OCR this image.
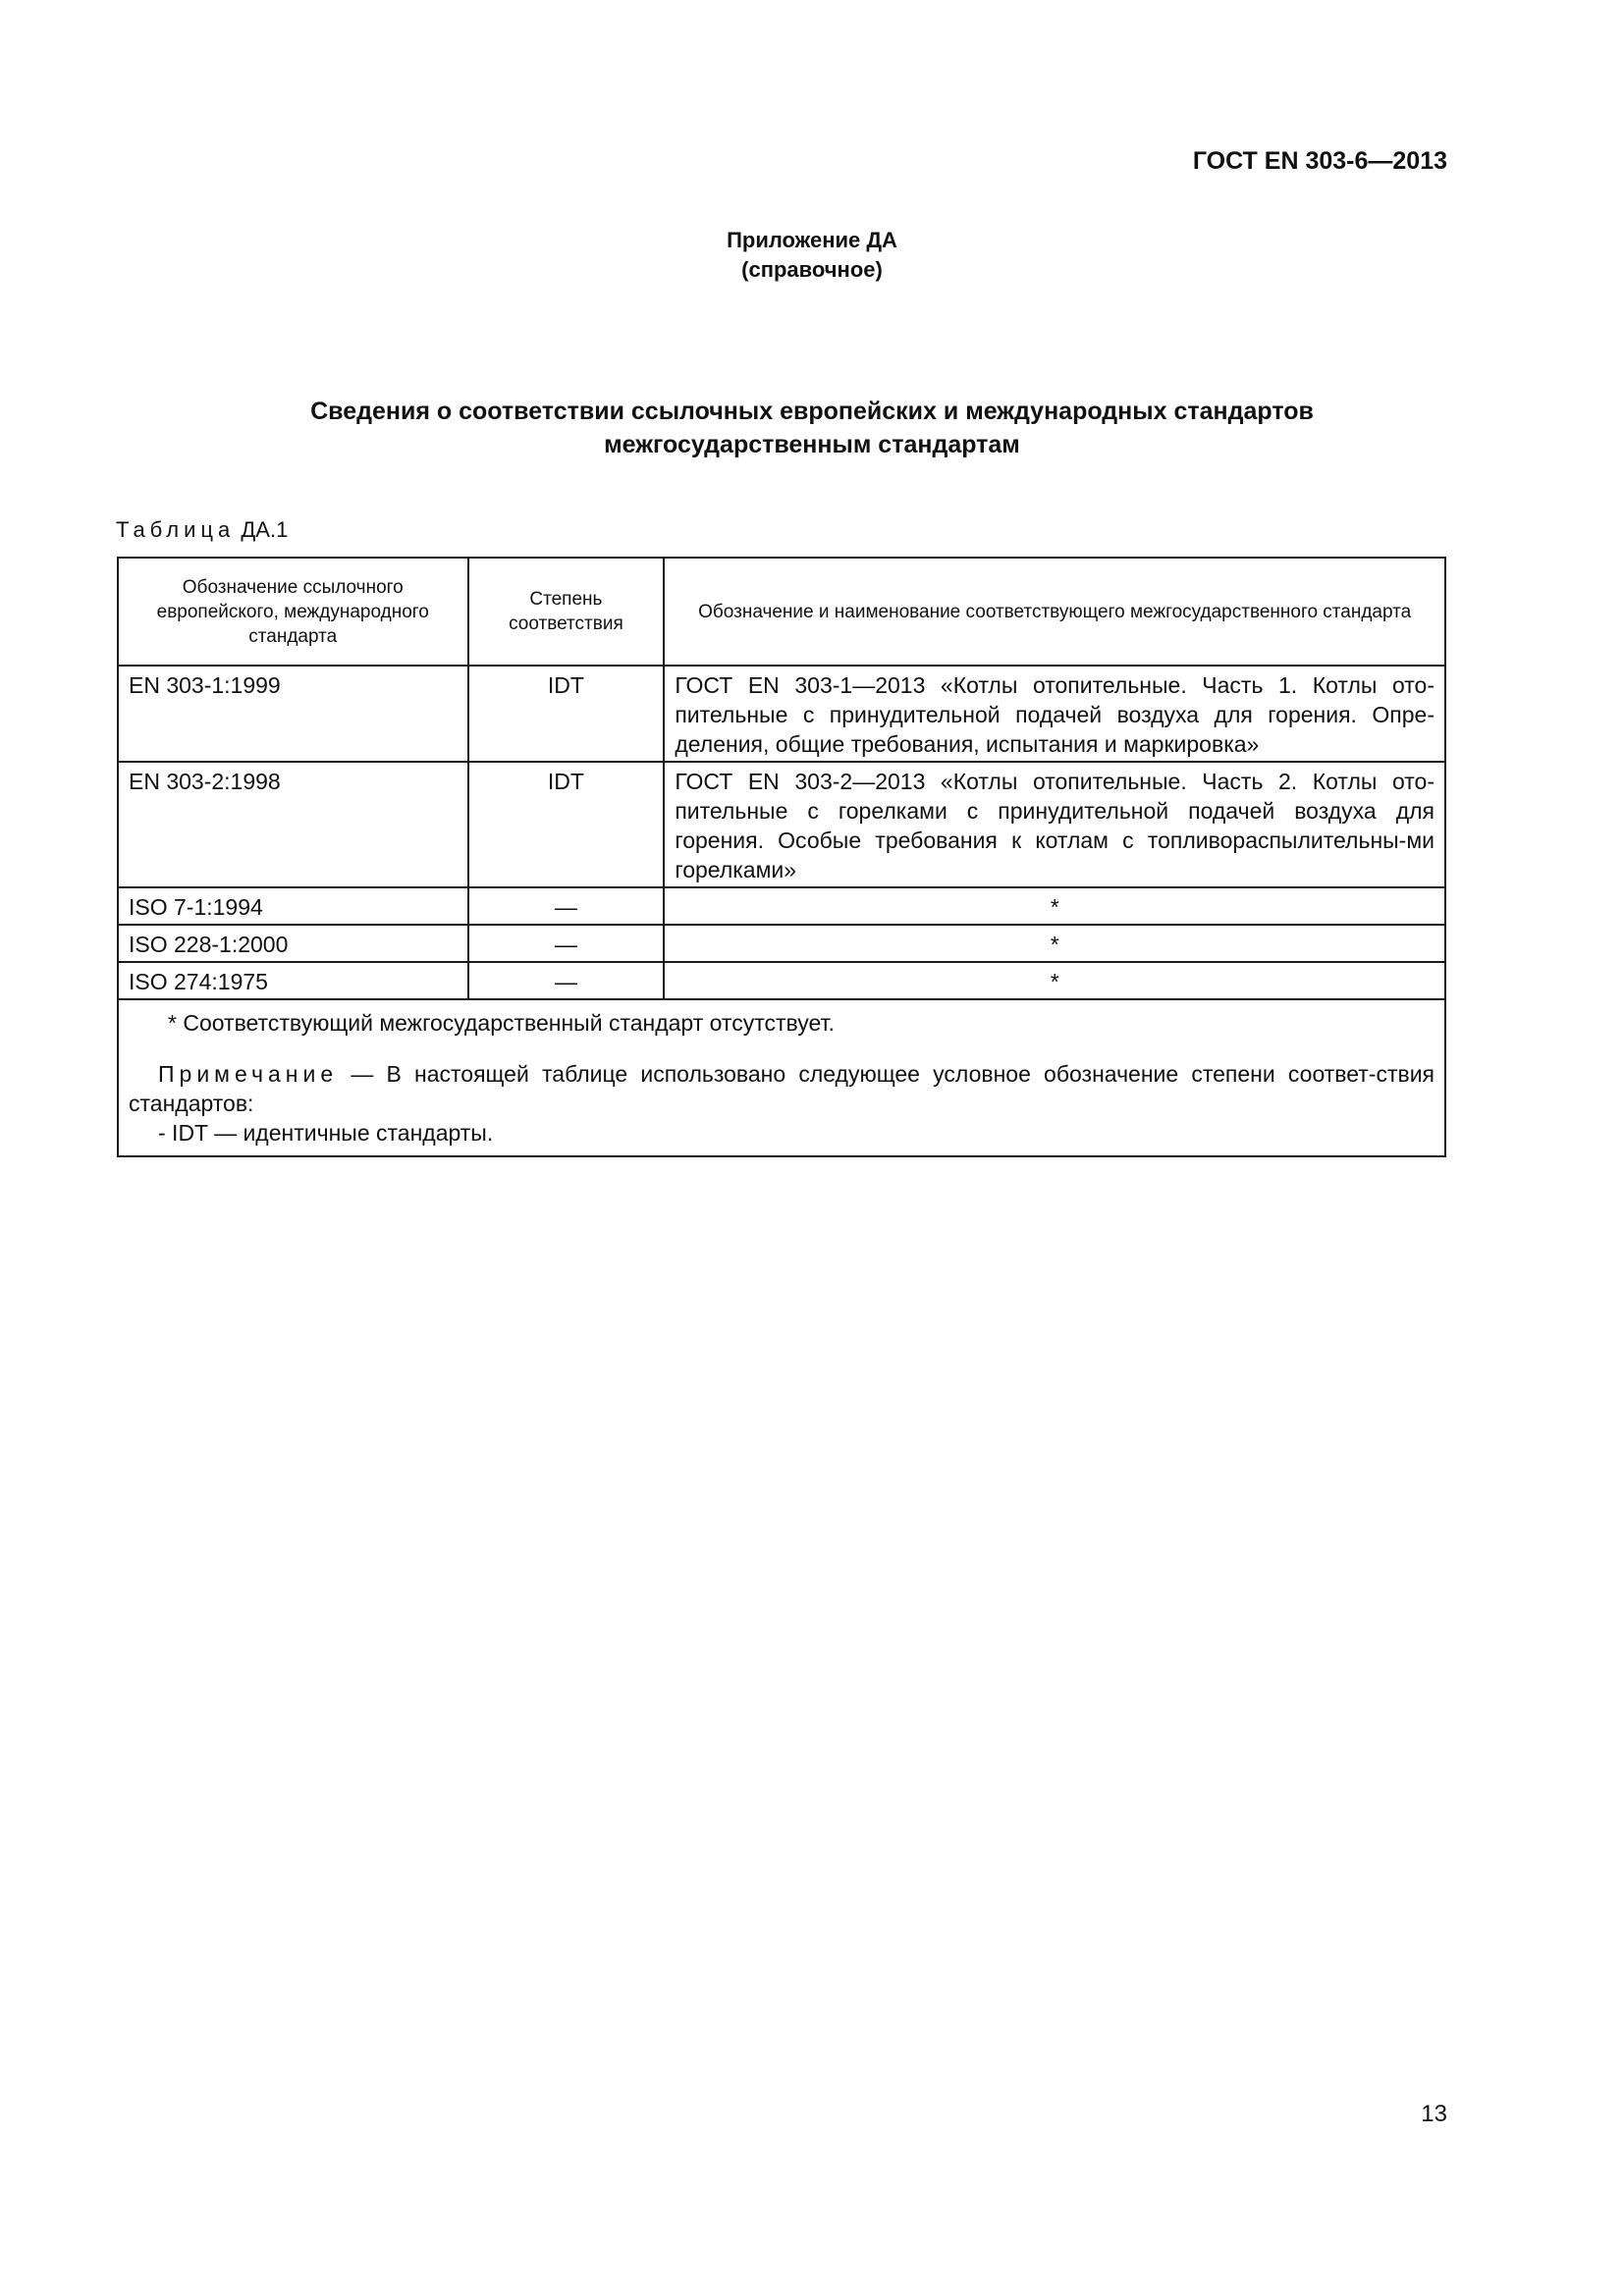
ГОСТ EN 303-6—2013
Приложение ДА
(справочное)
Сведения о соответствии ссылочных европейских и международных стандартов
межгосударственным стандартам
Таблица ДА.1
Обозначение ссылочного европейского, международного стандарта	Степень соответствия	Обозначение и наименование соответствующего межгосударственного стандарта
EN 303-1:1999	IDT	ГОСТ EN 303-1—2013 «Котлы отопительные. Часть 1. Котлы ото-пительные с принудительной подачей воздуха для горения. Опре-деления, общие требования, испытания и маркировка»
EN 303-2:1998	IDT	ГОСТ EN 303-2—2013 «Котлы отопительные. Часть 2. Котлы ото-пительные с горелками с принудительной подачей воздуха для горения. Особые требования к котлам с топливораспылительны-ми горелками»
ISO 7-1:1994	—	*
ISO 228-1:2000	—	*
ISO 274:1975	—	*

* Соответствующий межгосударственный стандарт отсутствует.
Примечание — В настоящей таблице использовано следующее условное обозначение степени соответ-ствия стандартов:
- IDT — идентичные стандарты.		
13
